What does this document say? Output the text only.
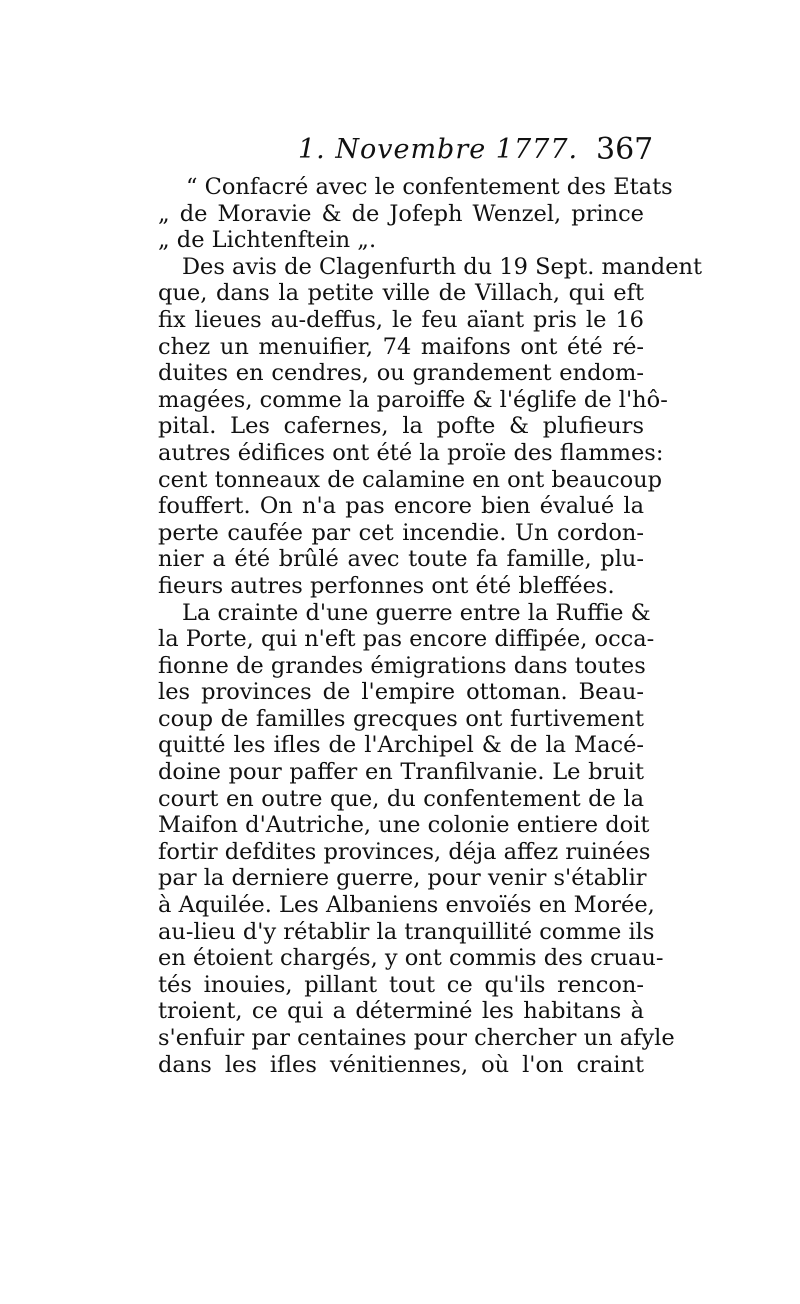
1. Novembre 1777. 367
“ Confacré avec le confentement des Etats
„ de Moravie & de Jofeph Wenzel, prince
„ de Lichtenftein „.
Des avis de Clagenfurth du 19 Sept. mandent
que, dans la petite ville de Villach, qui eft
fix lieues au-deffus, le feu aïant pris le 16
chez un menuifier, 74 maifons ont été ré-
duites en cendres, ou grandement endom-
magées, comme la paroiffe & l'églife de l'hô-
pital. Les cafernes, la pofte & plufieurs
autres édifices ont été la proïe des flammes:
cent tonneaux de calamine en ont beaucoup
fouffert. On n'a pas encore bien évalué la
perte caufée par cet incendie. Un cordon-
nier a été brûlé avec toute fa famille, plu-
fieurs autres perfonnes ont été bleffées.
La crainte d'une guerre entre la Ruffie &
la Porte, qui n'eft pas encore diffipée, occa-
fionne de grandes émigrations dans toutes
les provinces de l'empire ottoman. Beau-
coup de familles grecques ont furtivement
quitté les ifles de l'Archipel & de la Macé-
doine pour paffer en Tranfilvanie. Le bruit
court en outre que, du confentement de la
Maifon d'Autriche, une colonie entiere doit
fortir defdites provinces, déja affez ruinées
par la derniere guerre, pour venir s'établir
à Aquilée. Les Albaniens envoïés en Morée,
au-lieu d'y rétablir la tranquillité comme ils
en étoient chargés, y ont commis des cruau-
tés inouies, pillant tout ce qu'ils rencon-
troient, ce qui a déterminé les habitans à
s'enfuir par centaines pour chercher un afyle
dans les ifles vénitiennes, où l'on craint
